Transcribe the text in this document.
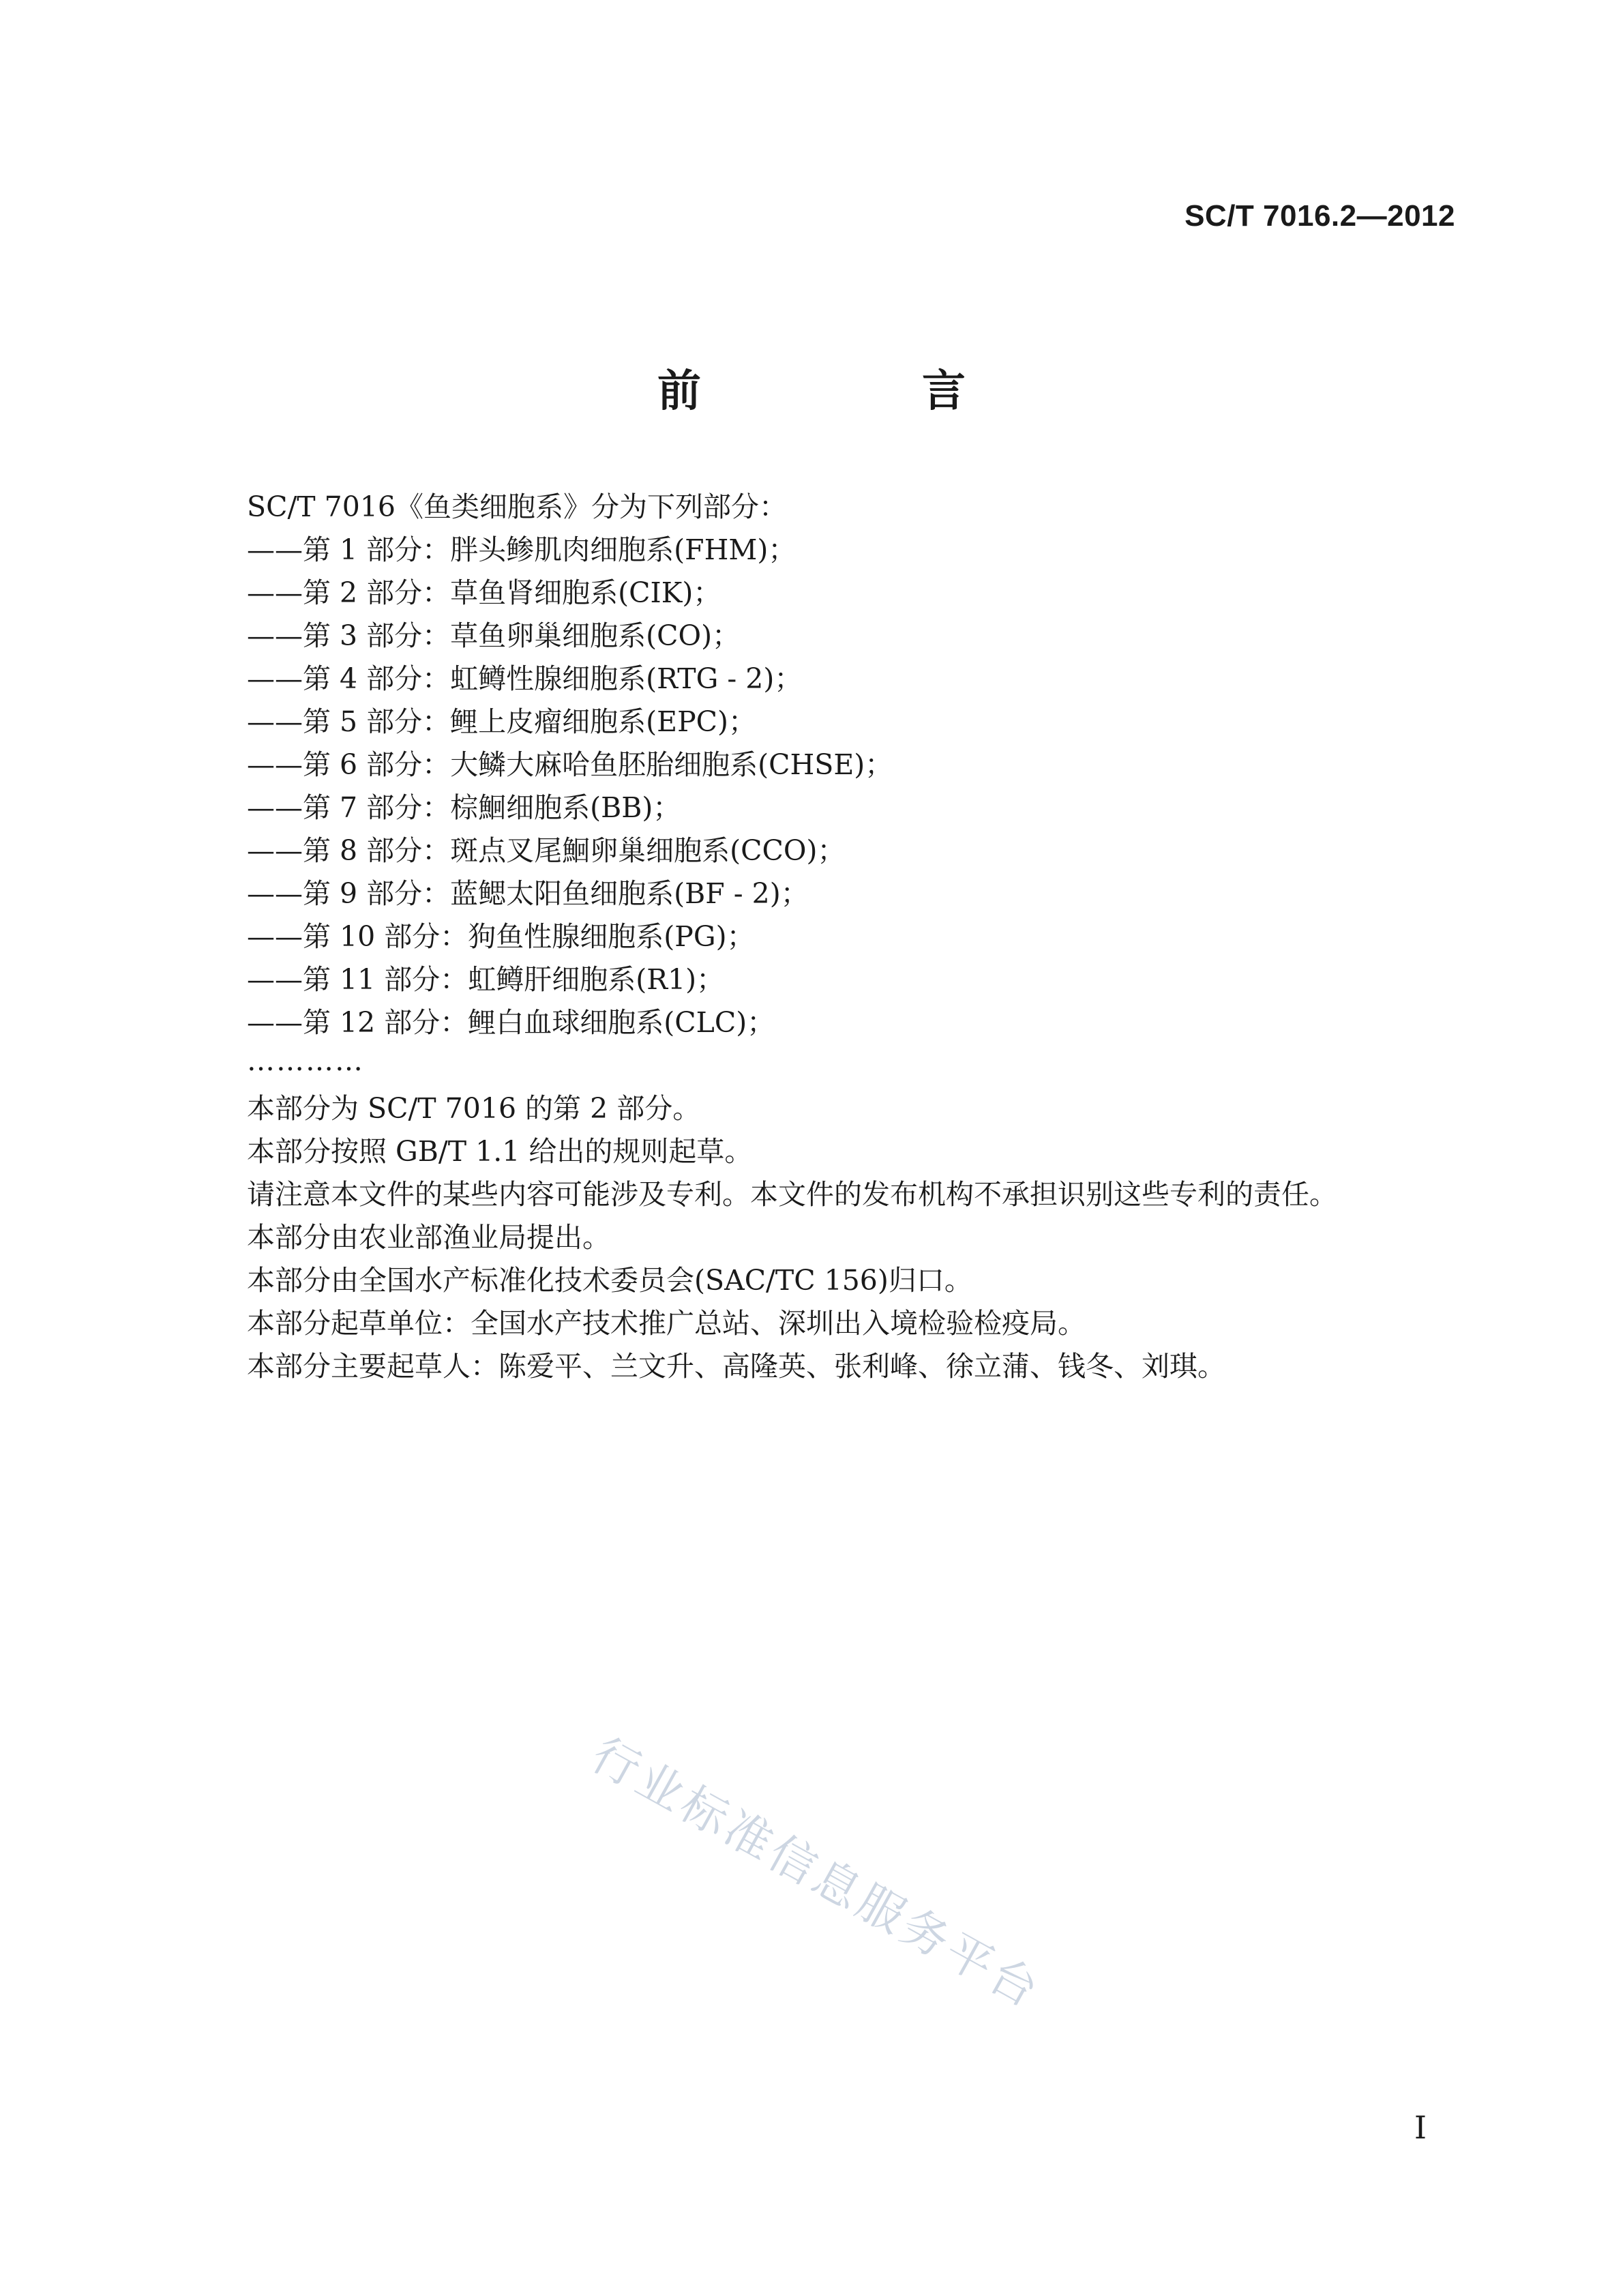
SC/T 7016.2—2012
前　言
SC/T 7016《鱼类细胞系》分为下列部分：
——第 1 部分：胖头鲹肌肉细胞系(FHM)；
——第 2 部分：草鱼肾细胞系(CIK)；
——第 3 部分：草鱼卵巢细胞系(CO)；
——第 4 部分：虹鳟性腺细胞系(RTG - 2)；
——第 5 部分：鲤上皮瘤细胞系(EPC)；
——第 6 部分：大鳞大麻哈鱼胚胎细胞系(CHSE)；
——第 7 部分：棕鮰细胞系(BB)；
——第 8 部分：斑点叉尾鮰卵巢细胞系(CCO)；
——第 9 部分：蓝鳃太阳鱼细胞系(BF - 2)；
——第 10 部分：狗鱼性腺细胞系(PG)；
——第 11 部分：虹鳟肝细胞系(R1)；
——第 12 部分：鲤白血球细胞系(CLC)；
…………
本部分为 SC/T 7016 的第 2 部分。
本部分按照 GB/T 1.1 给出的规则起草。
请注意本文件的某些内容可能涉及专利。本文件的发布机构不承担识别这些专利的责任。
本部分由农业部渔业局提出。
本部分由全国水产标准化技术委员会(SAC/TC 156)归口。
本部分起草单位：全国水产技术推广总站、深圳出入境检验检疫局。
本部分主要起草人：陈爱平、兰文升、高隆英、张利峰、徐立蒲、钱冬、刘琪。
行业标准信息服务平台
I
